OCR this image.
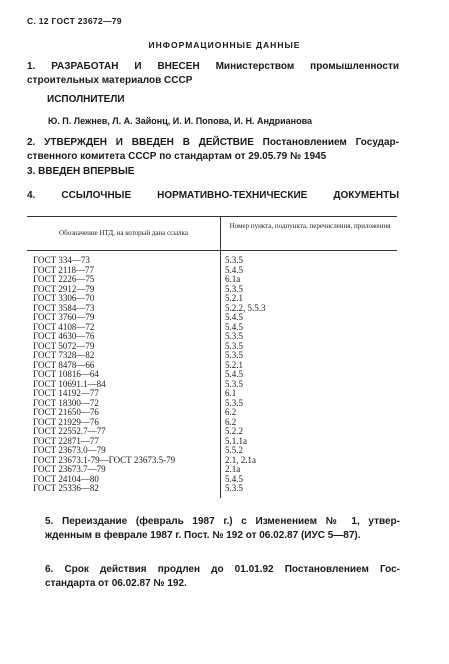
С. 12 ГОСТ 23672—79
ИНФОРМАЦИОННЫЕ ДАННЫЕ
1. РАЗРАБОТАН И ВНЕСЕН Министерством промышленности
строительных материалов СССР
ИСПОЛНИТЕЛИ
Ю. П. Лежнев, Л. А. Зайонц, И. И. Попова, И. Н. Андрианова
2. УТВЕРЖДЕН И ВВЕДЕН В ДЕЙСТВИЕ Постановлением Государ-
ственного комитета СССР по стандартам от 29.05.79 № 1945
3. ВВЕДЕН ВПЕРВЫЕ
4. ССЫЛОЧНЫЕ НОРМАТИВНО-ТЕХНИЧЕСКИЕ ДОКУМЕНТЫ
Обозначение НТД, на который дана ссылка
Номер пункта, подпункта, перечисления, приложения
ГОСТ 334—73
ГОСТ 2118—77
ГОСТ 2226—75
ГОСТ 2912—79
ГОСТ 3306—70
ГОСТ 3584—73
ГОСТ 3760—79
ГОСТ 4108—72
ГОСТ 4630—76
ГОСТ 5072—79
ГОСТ 7328—82
ГОСТ 8478—66
ГОСТ 10816—64
ГОСТ 10691.1—84
ГОСТ 14192—77
ГОСТ 18300—72
ГОСТ 21650—76
ГОСТ 21929—76
ГОСТ 22552.7—77
ГОСТ 22871—77
ГОСТ 23673.0—79
ГОСТ 23673.1-79—ГОСТ 23673.5-79
ГОСТ 23673.7—79
ГОСТ 24104—80
ГОСТ 25336—82
5.3.5
5.4.5
6.1а
5.3.5
5.2.1
5.2.2, 5.5.3
5.4.5
5.4.5
5.3.5
5.3.5
5.3.5
5.2.1
5.4.5
5.3.5
6.1
5.3.5
6.2
6.2
5.2.2
5.1.1а
5.5.2
2.1, 2.1а
2.1а
5.4.5
5.3.5
5. Переиздание (февраль 1987 г.) с Изменением № 1, утвер-
жденным в феврале 1987 г. Пост. № 192 от 06.02.87 (ИУС 5—87).
6. Срок действия продлен до 01.01.92 Постановлением Гос-
стандарта от 06.02.87 № 192.
